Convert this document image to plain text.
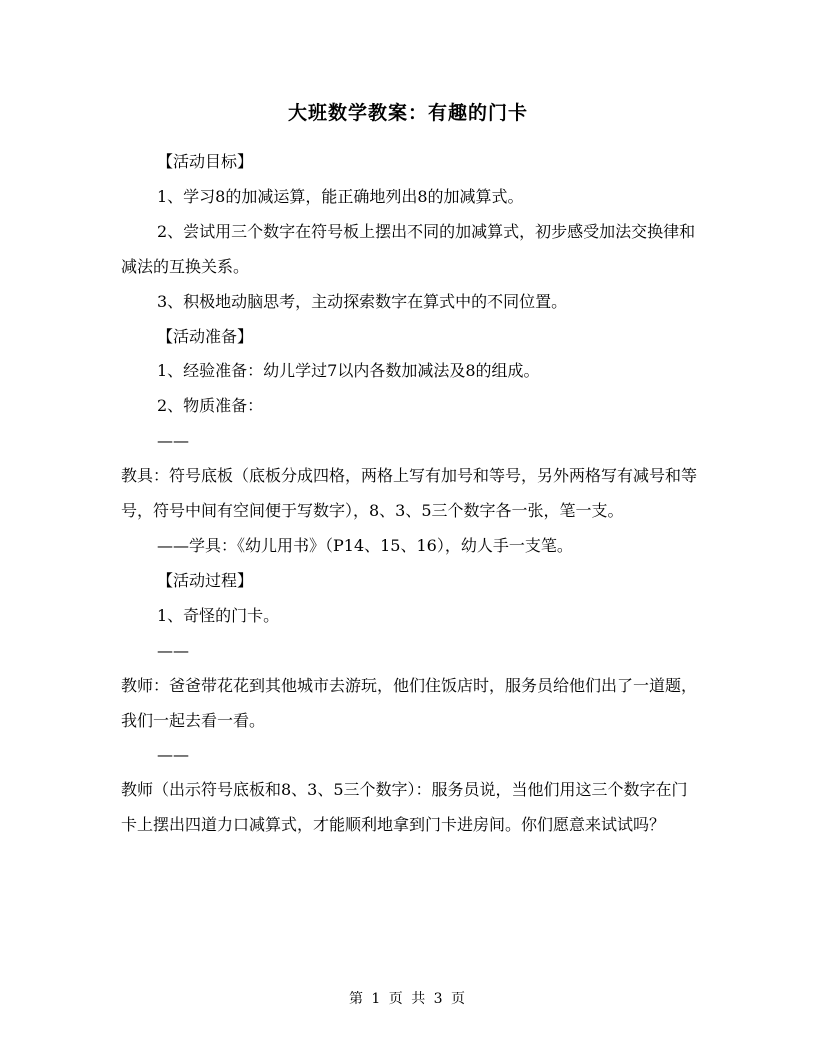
大班数学教案：有趣的门卡

【活动目标】

1、学习8的加减运算，能正确地列出8的加减算式。

2、尝试用三个数字在符号板上摆出不同的加减算式，初步感受加法交换律和减法的互换关系。

3、积极地动脑思考，主动探索数字在算式中的不同位置。

【活动准备】

1、经验准备：幼儿学过7以内各数加减法及8的组成。

2、物质准备：

——

教具：符号底板（底板分成四格，两格上写有加号和等号，另外两格写有减号和等号，符号中间有空间便于写数字），8、3、5三个数字各一张，笔一支。

——学具：《幼儿用书》（P14、15、16），幼人手一支笔。

【活动过程】

1、奇怪的门卡。

——

教师：爸爸带花花到其他城市去游玩，他们住饭店时，服务员给他们出了一道题，我们一起去看一看。

——

教师（出示符号底板和8、3、5三个数字）：服务员说，当他们用这三个数字在门卡上摆出四道力口减算式，才能顺利地拿到门卡进房间。你们愿意来试试吗？

第 1 页 共 3 页
